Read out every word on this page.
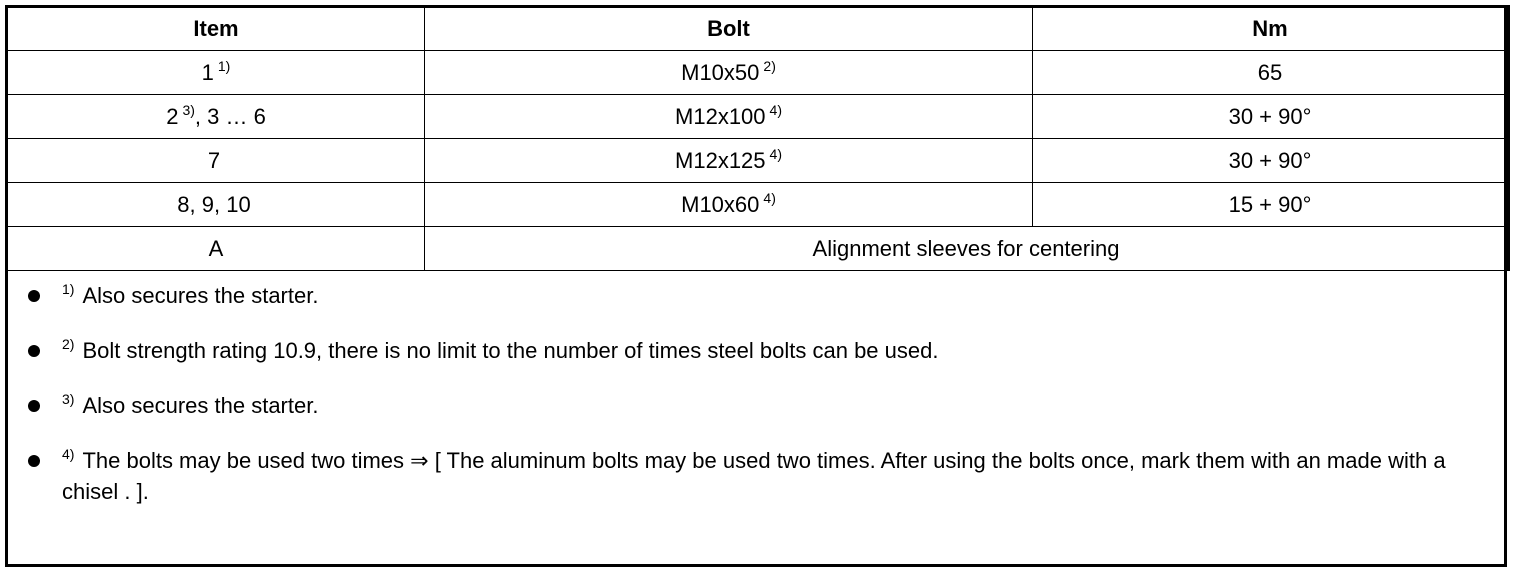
Item	Bolt	Nm
1 $^{1)}$	M10x50 $^{2)}$	65
2 $^{3)}$, 3 … 6	M12x100 $^{4)}$	30 + 90°
7	M12x125 $^{4)}$	30 + 90°
8, 9, 10	M10x60 $^{4)}$	15 + 90°
A	Alignment sleeves for centering	
$^{1)}$ Also secures the starter.
$^{2)}$ Bolt strength rating 10.9, there is no limit to the number of times steel bolts can be used.
$^{3)}$ Also secures the starter.
$^{4)}$ The bolts may be used two times ⇒ [ The aluminum bolts may be used two times. After using the bolts once, mark them with an made with a chisel . ].
